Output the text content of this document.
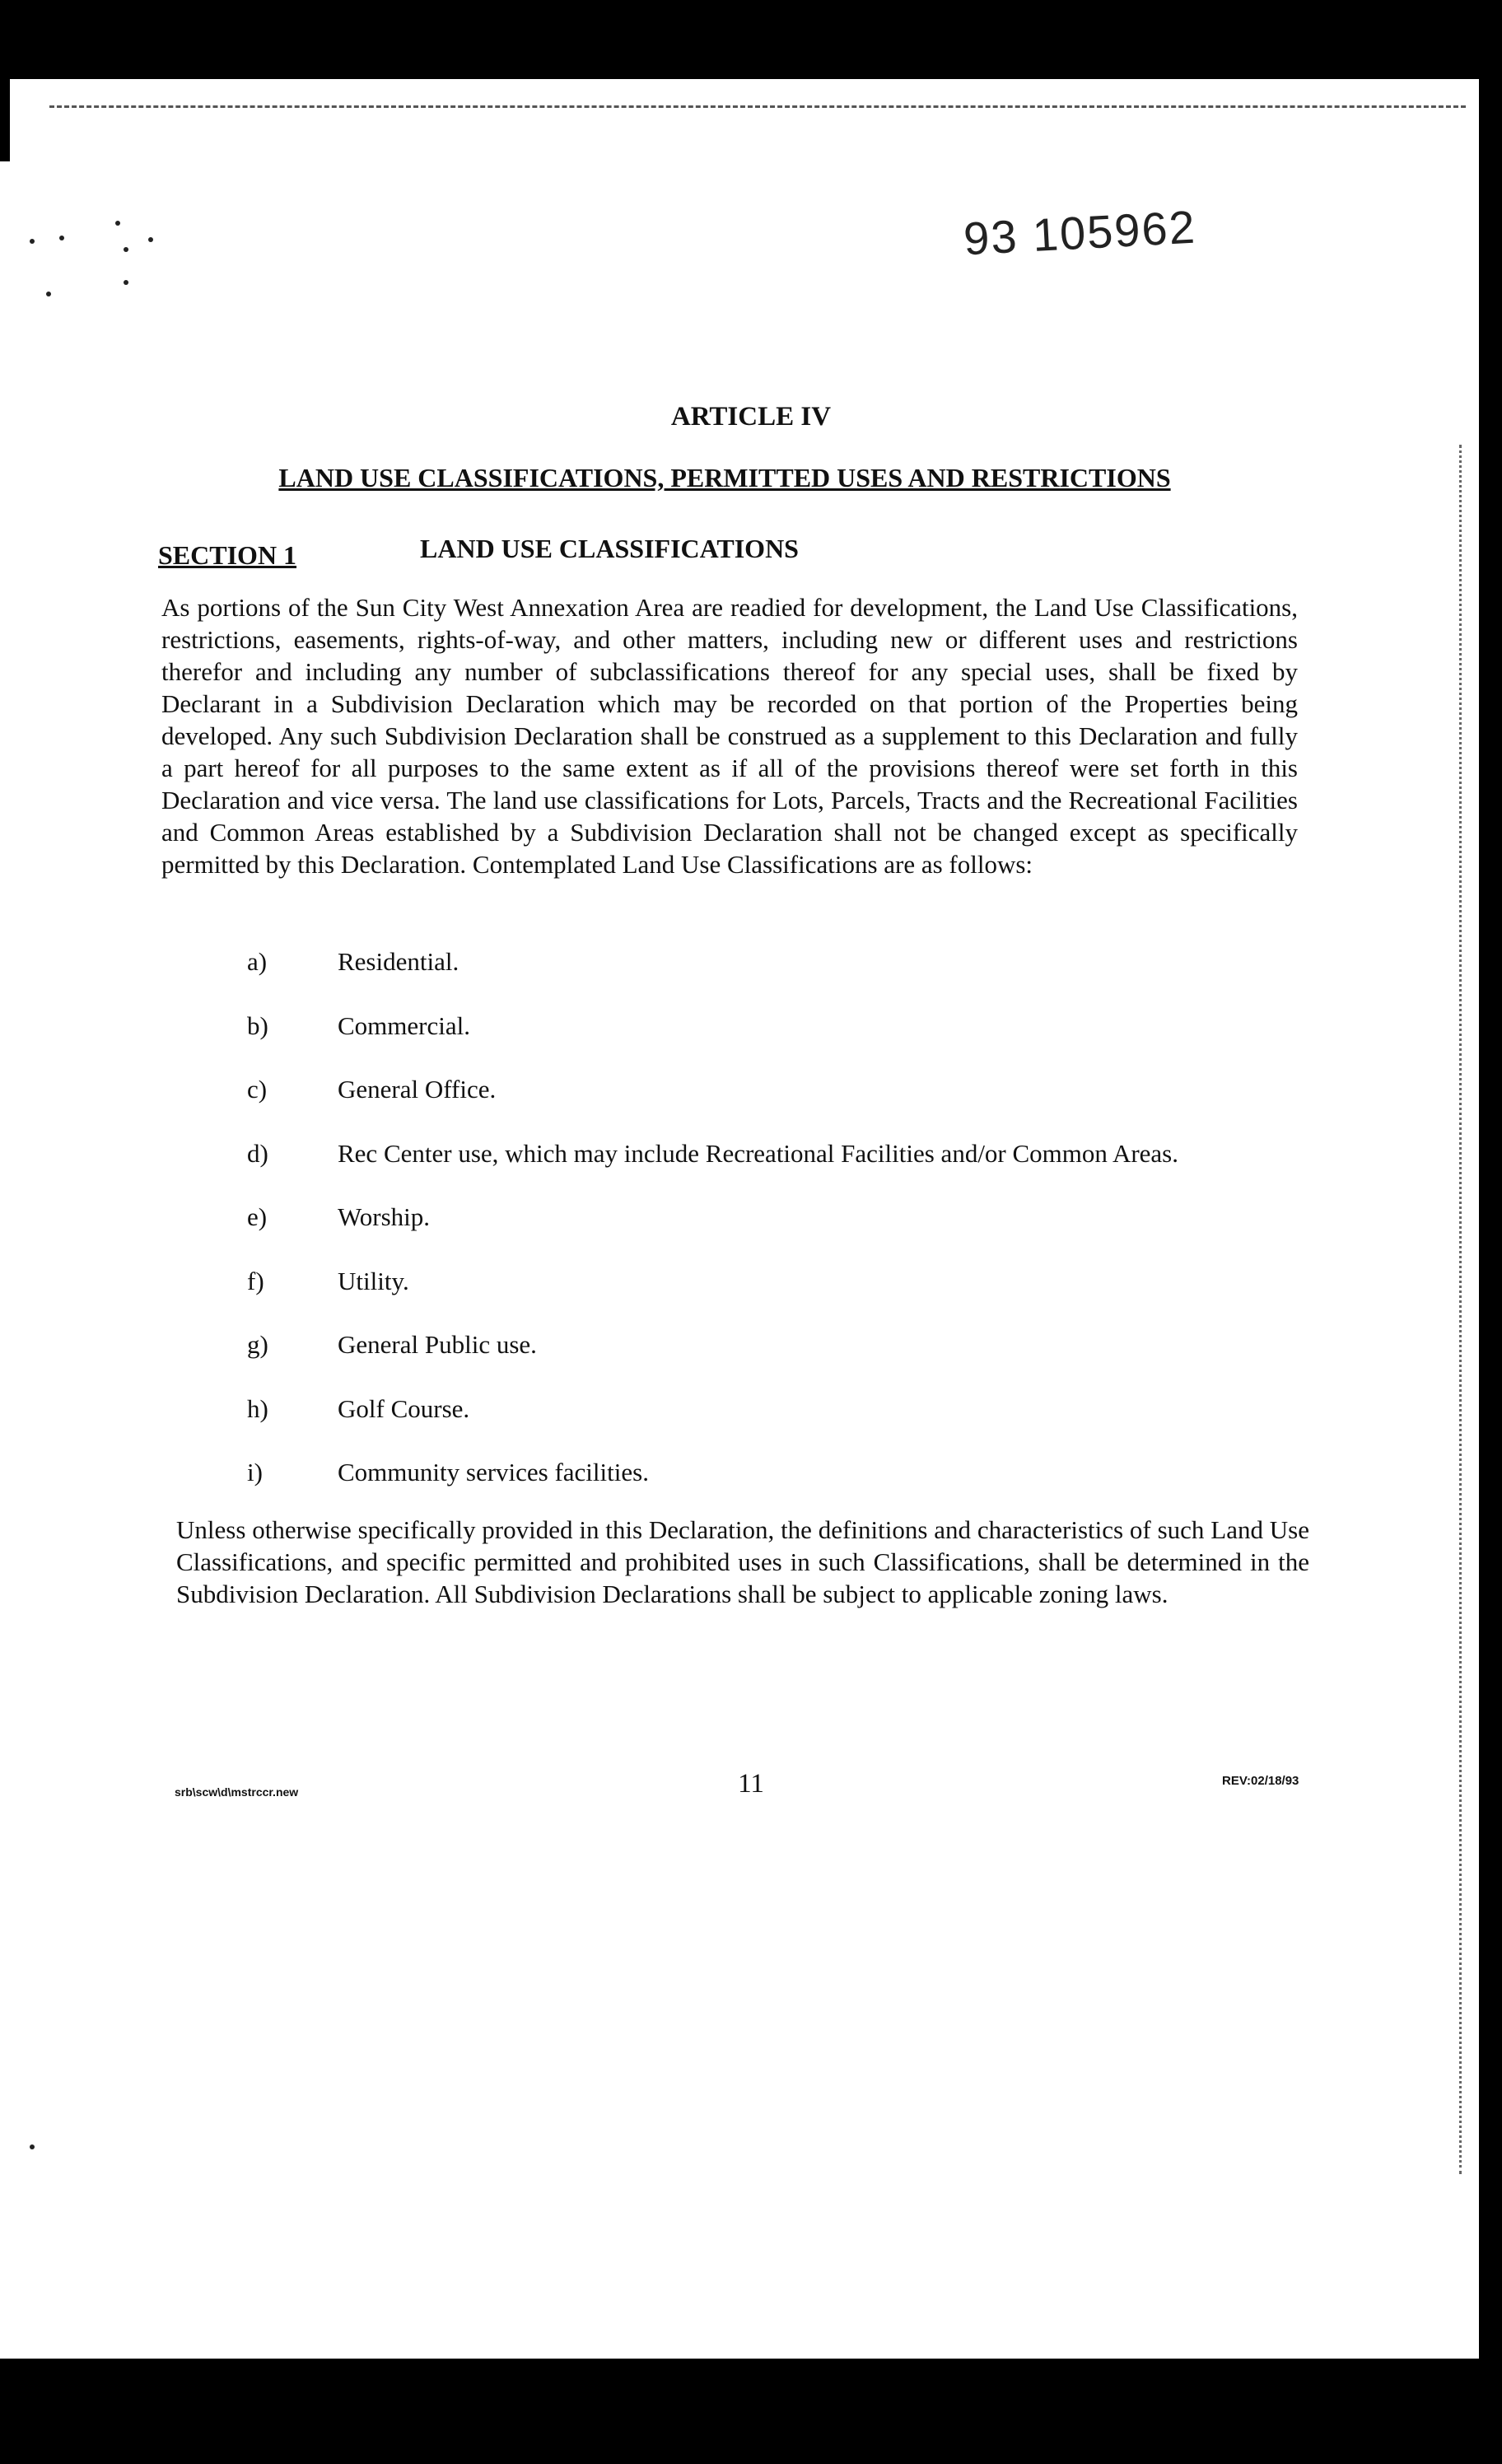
93 105962
ARTICLE IV
LAND USE CLASSIFICATIONS, PERMITTED USES AND RESTRICTIONS
SECTION 1	LAND USE CLASSIFICATIONS

As portions of the Sun City West Annexation Area are readied for development, the Land Use Classifications, restrictions, easements, rights-of-way, and other matters, including new or different uses and restrictions therefor and including any number of subclassifications thereof for any special uses, shall be fixed by Declarant in a Subdivision Declaration which may be recorded on that portion of the Properties being developed. Any such Subdivision Declaration shall be construed as a supplement to this Declaration and fully a part hereof for all purposes to the same extent as if all of the provisions thereof were set forth in this Declaration and vice versa. The land use classifications for Lots, Parcels, Tracts and the Recreational Facilities and Common Areas established by a Subdivision Declaration shall not be changed except as specifically permitted by this Declaration. Contemplated Land Use Classifications are as follows:

a)	Residential.
b)	Commercial.
c)	General Office.
d)	Rec Center use, which may include Recreational Facilities and/or Common Areas.
e)	Worship.
f)	Utility.
g)	General Public use.
h)	Golf Course.
i)	Community services facilities.

Unless otherwise specifically provided in this Declaration, the definitions and characteristics of such Land Use Classifications, and specific permitted and prohibited uses in such Classifications, shall be determined in the Subdivision Declaration. All Subdivision Declarations shall be subject to applicable zoning laws.

srb\scw\d\mstrccr.new	11	REV:02/18/93
